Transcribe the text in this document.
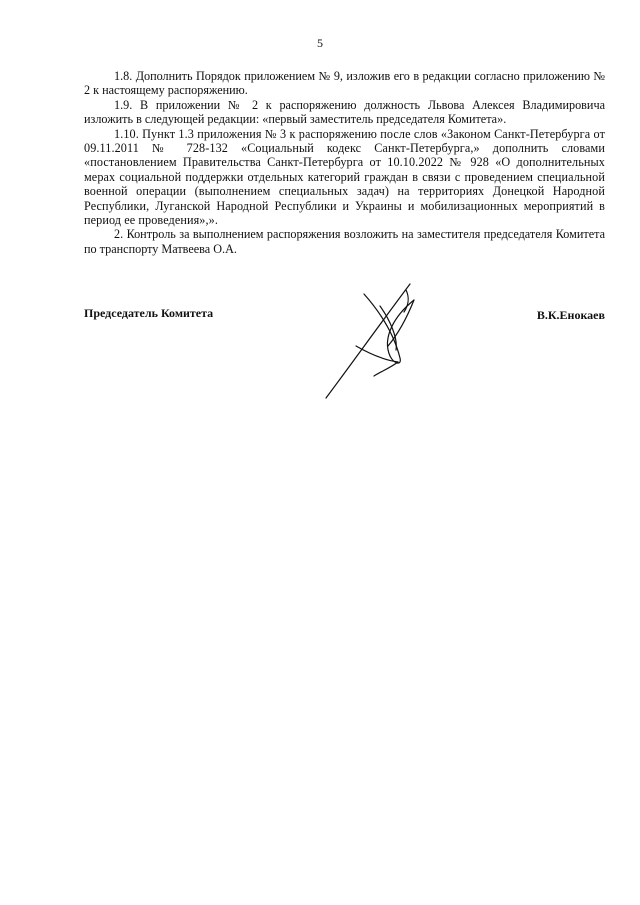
5

1.8. Дополнить Порядок приложением № 9, изложив его в редакции согласно приложению № 2 к настоящему распоряжению.

1.9. В приложении № 2 к распоряжению должность Львова Алексея Владимировича изложить в следующей редакции: «первый заместитель председателя Комитета».

1.10. Пункт 1.3 приложения № 3 к распоряжению после слов «Законом Санкт-Петербурга от 09.11.2011 № 728-132 «Социальный кодекс Санкт-Петербурга,» дополнить словами «постановлением Правительства Санкт-Петербурга от 10.10.2022 № 928 «О дополнительных мерах социальной поддержки отдельных категорий граждан в связи с проведением специальной военной операции (выполнением специальных задач) на территориях Донецкой Народной Республики, Луганской Народной Республики и Украины и мобилизационных мероприятий в период ее проведения»,».

2. Контроль за выполнением распоряжения возложить на заместителя председателя Комитета по транспорту Матвеева О.А.

Председатель Комитета	В.К.Енокаев
